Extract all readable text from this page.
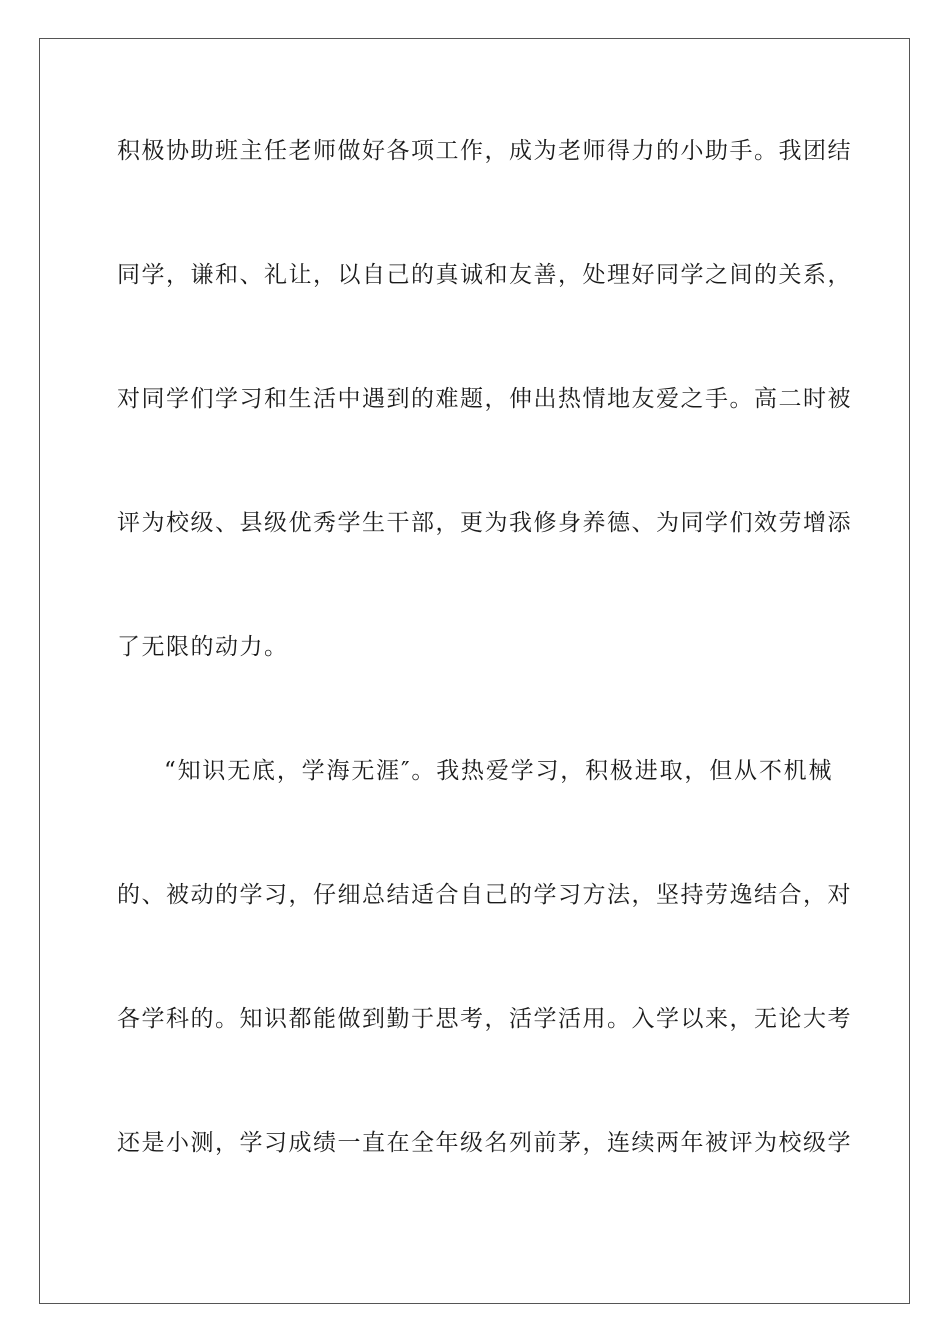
积极协助班主任老师做好各项工作，成为老师得力的小助手。我团结
同学，谦和、礼让，以自己的真诚和友善，处理好同学之间的关系，
对同学们学习和生活中遇到的难题，伸出热情地友爱之手。高二时被
评为校级、县级优秀学生干部，更为我修身养德、为同学们效劳增添
了无限的动力。
“知识无底，学海无涯″。我热爱学习，积极进取，但从不机械
的、被动的学习，仔细总结适合自己的学习方法，坚持劳逸结合，对
各学科的。知识都能做到勤于思考，活学活用。入学以来，无论大考
还是小测，学习成绩一直在全年级名列前茅，连续两年被评为校级学
